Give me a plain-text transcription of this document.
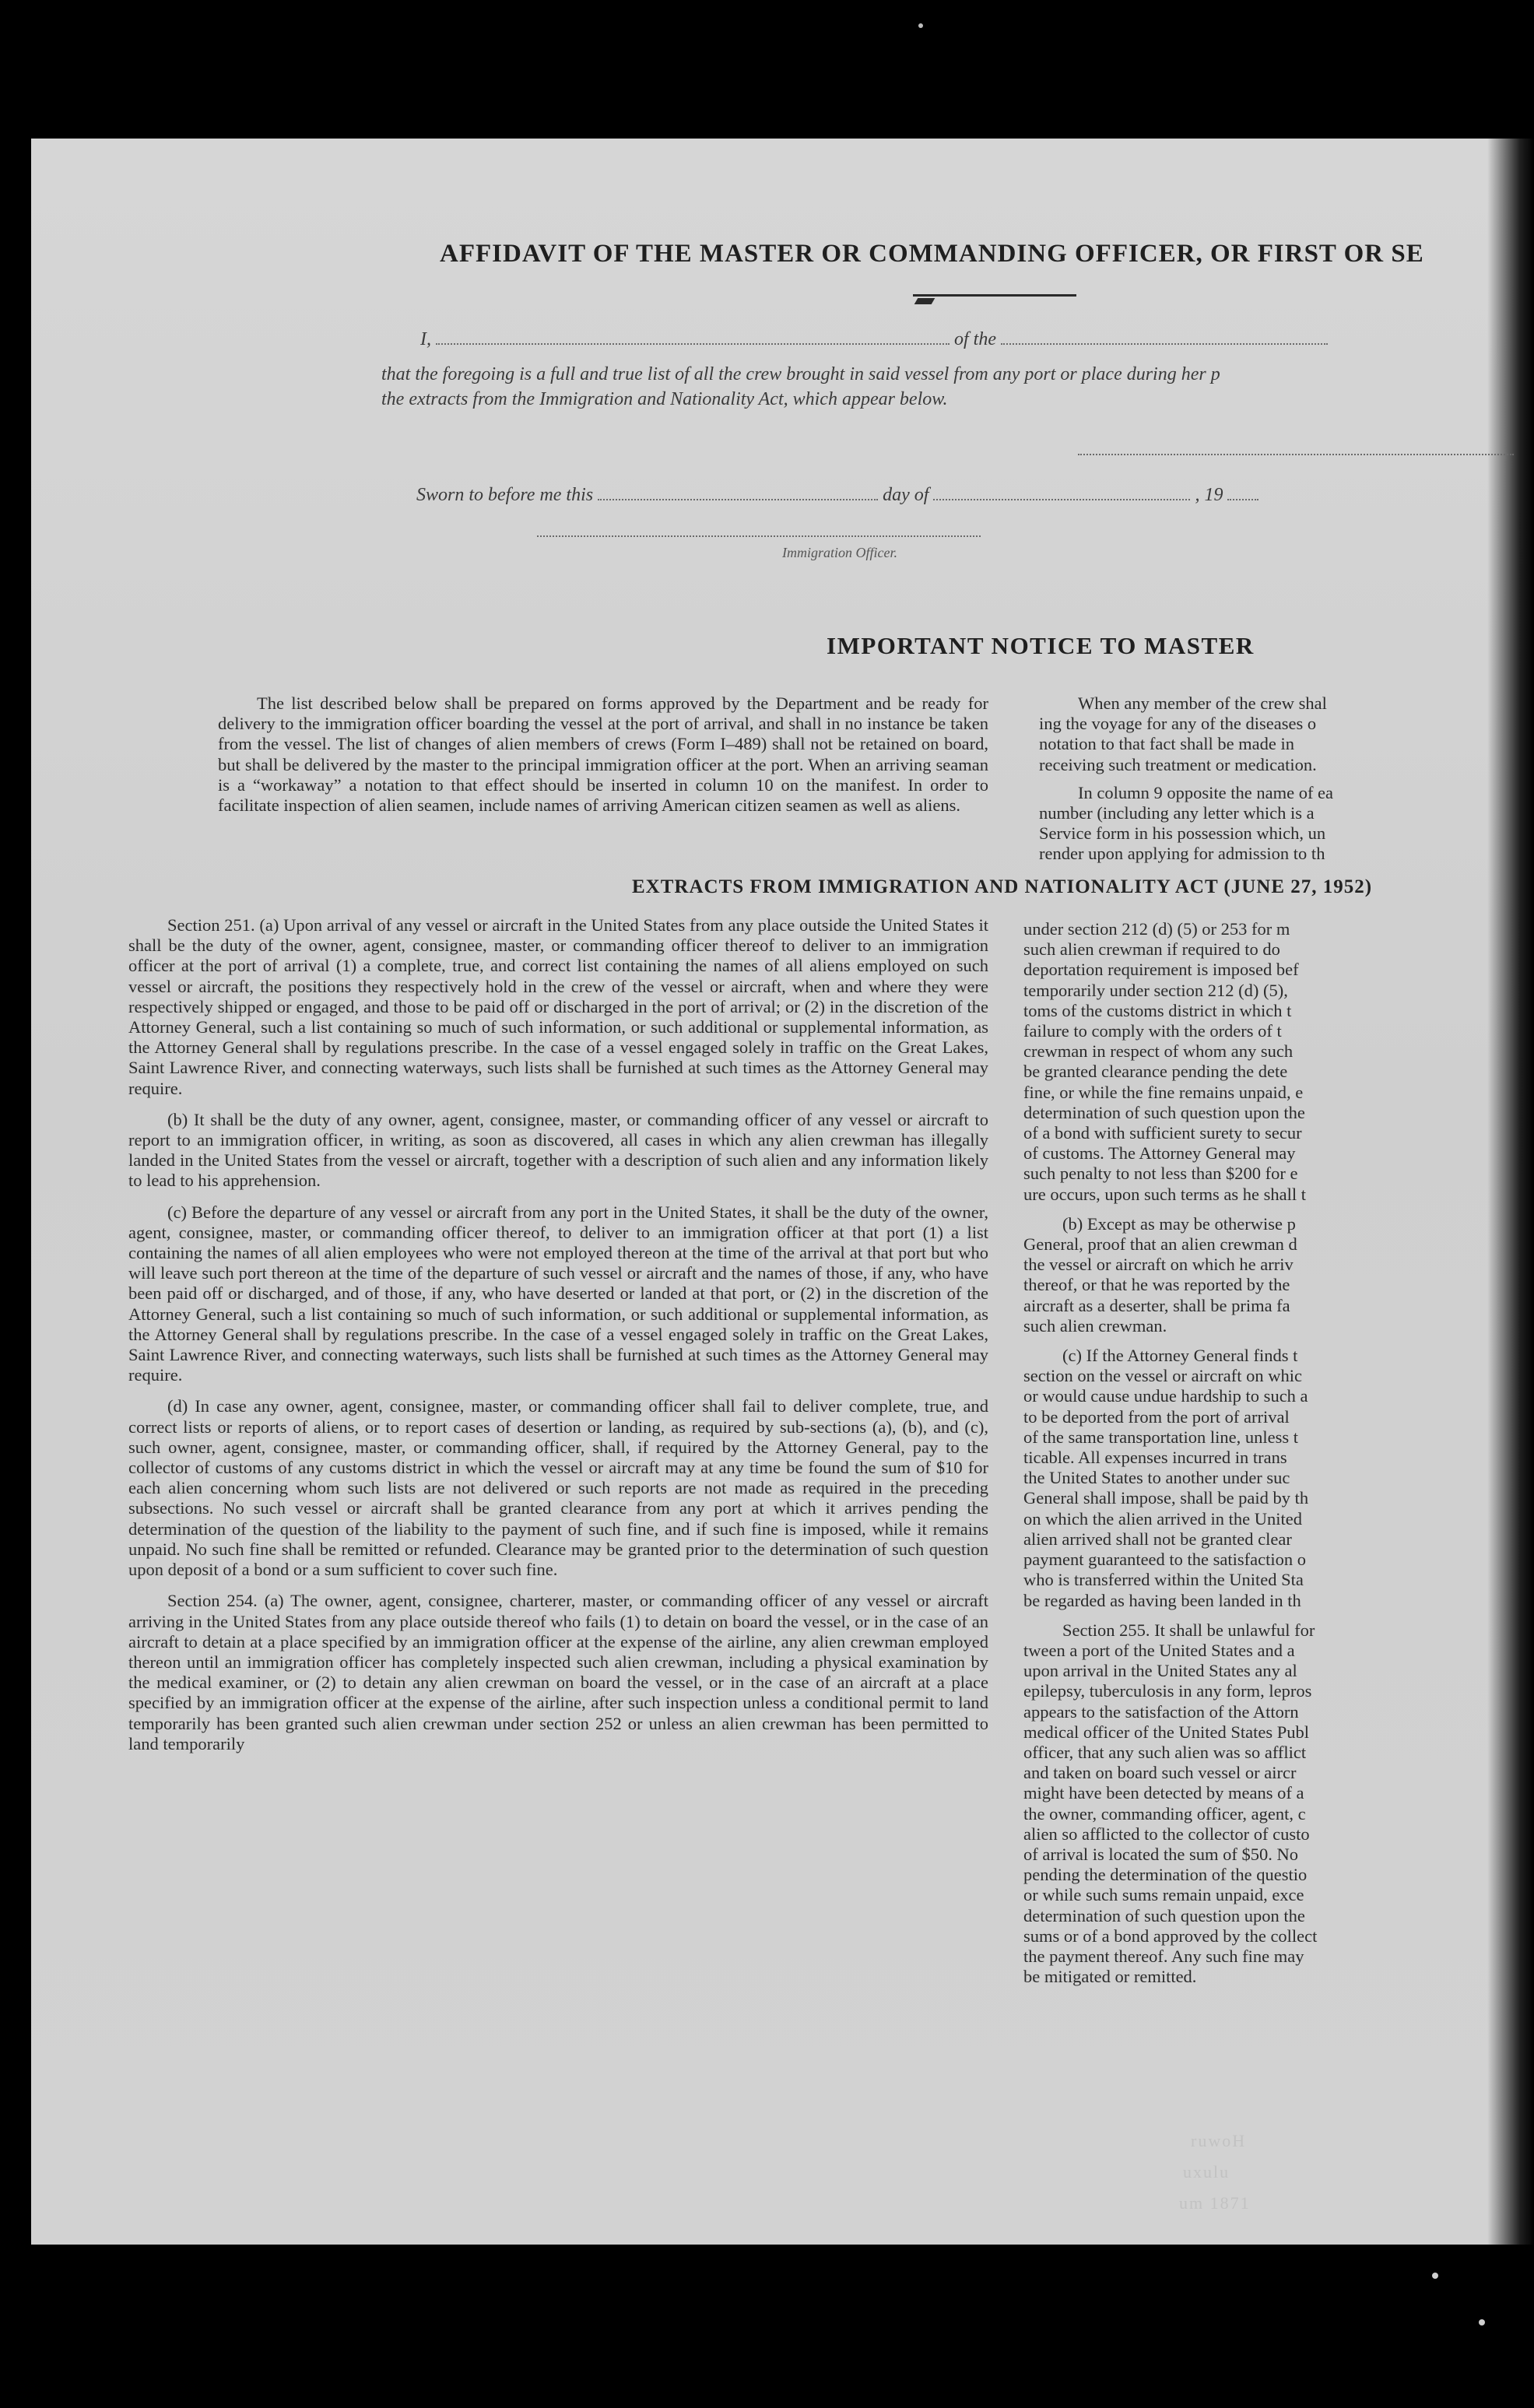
AFFIDAVIT OF THE MASTER OR COMMANDING OFFICER, OR FIRST OR SE
I,	of the
that the foregoing is a full and true list of all the crew brought in said vessel from any port or place during her p
the extracts from the Immigration and Nationality Act, which appear below.
Sworn to before me this	day of	, 19
Immigration Officer.
IMPORTANT NOTICE TO MASTER

The list described below shall be prepared on forms approved by the Department and be ready for delivery to the immigration officer boarding the vessel at the port of arrival, and shall in no instance be taken from the vessel. The list of changes of alien members of crews (Form I–489) shall not be retained on board, but shall be delivered by the master to the principal immigration officer at the port. When an arriving seaman is a “workaway” a notation to that effect should be inserted in column 10 on the manifest. In order to facilitate inspection of alien seamen, include names of arriving American citizen seamen as well as aliens.

When any member of the crew shal
ing the voyage for any of the diseases o
notation to that fact shall be made in
receiving such treatment or medication.
In column 9 opposite the name of ea
number (including any letter which is a
Service form in his possession which, un
render upon applying for admission to th
EXTRACTS FROM IMMIGRATION AND NATIONALITY ACT (JUNE 27, 1952)

Section 251. (a) Upon arrival of any vessel or aircraft in the United States from any place outside the United States it shall be the duty of the owner, agent, consignee, master, or commanding officer thereof to deliver to an immigration officer at the port of arrival (1) a complete, true, and correct list containing the names of all aliens employed on such vessel or aircraft, the positions they respectively hold in the crew of the vessel or aircraft, when and where they were respectively shipped or engaged, and those to be paid off or discharged in the port of arrival; or (2) in the discretion of the Attorney General, such a list containing so much of such information, or such additional or supplemental information, as the Attorney General shall by regulations prescribe. In the case of a vessel engaged solely in traffic on the Great Lakes, Saint Lawrence River, and connecting waterways, such lists shall be furnished at such times as the Attorney General may require.

(b) It shall be the duty of any owner, agent, consignee, master, or commanding officer of any vessel or aircraft to report to an immigration officer, in writing, as soon as discovered, all cases in which any alien crewman has illegally landed in the United States from the vessel or aircraft, together with a description of such alien and any information likely to lead to his apprehension.

(c) Before the departure of any vessel or aircraft from any port in the United States, it shall be the duty of the owner, agent, consignee, master, or commanding officer thereof, to deliver to an immigration officer at that port (1) a list containing the names of all alien employees who were not employed thereon at the time of the arrival at that port but who will leave such port thereon at the time of the departure of such vessel or aircraft and the names of those, if any, who have been paid off or discharged, and of those, if any, who have deserted or landed at that port, or (2) in the discretion of the Attorney General, such a list containing so much of such information, or such additional or supplemental information, as the Attorney General shall by regulations prescribe. In the case of a vessel engaged solely in traffic on the Great Lakes, Saint Lawrence River, and connecting waterways, such lists shall be furnished at such times as the Attorney General may require.

(d) In case any owner, agent, consignee, master, or commanding officer shall fail to deliver complete, true, and correct lists or reports of aliens, or to report cases of desertion or landing, as required by sub-sections (a), (b), and (c), such owner, agent, consignee, master, or commanding officer, shall, if required by the Attorney General, pay to the collector of customs of any customs district in which the vessel or aircraft may at any time be found the sum of $10 for each alien concerning whom such lists are not delivered or such reports are not made as required in the preceding subsections. No such vessel or aircraft shall be granted clearance from any port at which it arrives pending the determination of the question of the liability to the payment of such fine, and if such fine is imposed, while it remains unpaid. No such fine shall be remitted or refunded. Clearance may be granted prior to the determination of such question upon deposit of a bond or a sum sufficient to cover such fine.

Section 254. (a) The owner, agent, consignee, charterer, master, or commanding officer of any vessel or aircraft arriving in the United States from any place outside thereof who fails (1) to detain on board the vessel, or in the case of an aircraft to detain at a place specified by an immigration officer at the expense of the airline, any alien crewman employed thereon until an immigration officer has completely inspected such alien crewman, including a physical examination by the medical examiner, or (2) to detain any alien crewman on board the vessel, or in the case of an aircraft at a place specified by an immigration officer at the expense of the airline, after such inspection unless a conditional permit to land temporarily has been granted such alien crewman under section 252 or unless an alien crewman has been permitted to land temporarily

under section 212 (d) (5) or 253 for m
such alien crewman if required to do
deportation requirement is imposed bef
temporarily under section 212 (d) (5),
toms of the customs district in which t
failure to comply with the orders of t
crewman in respect of whom any such
be granted clearance pending the dete
fine, or while the fine remains unpaid, e
determination of such question upon the
of a bond with sufficient surety to secur
of customs. The Attorney General may
such penalty to not less than $200 for e
ure occurs, upon such terms as he shall t
(b) Except as may be otherwise p
General, proof that an alien crewman d
the vessel or aircraft on which he arriv
thereof, or that he was reported by the
aircraft as a deserter, shall be prima fa
such alien crewman.
(c) If the Attorney General finds t
section on the vessel or aircraft on whic
or would cause undue hardship to such a
to be deported from the port of arrival
of the same transportation line, unless t
ticable. All expenses incurred in trans
the United States to another under suc
General shall impose, shall be paid by th
on which the alien arrived in the United
alien arrived shall not be granted clear
payment guaranteed to the satisfaction o
who is transferred within the United Sta
be regarded as having been landed in th
Section 255. It shall be unlawful for
tween a port of the United States and a
upon arrival in the United States any al
epilepsy, tuberculosis in any form, lepros
appears to the satisfaction of the Attorn
medical officer of the United States Publ
officer, that any such alien was so afflict
and taken on board such vessel or aircr
might have been detected by means of a
the owner, commanding officer, agent, c
alien so afflicted to the collector of custo
of arrival is located the sum of $50. No
pending the determination of the questio
or while such sums remain unpaid, exce
determination of such question upon the
sums or of a bond approved by the collect
the payment thereof. Any such fine may
be mitigated or remitted.
ruwoH
uxulu
um 1871
